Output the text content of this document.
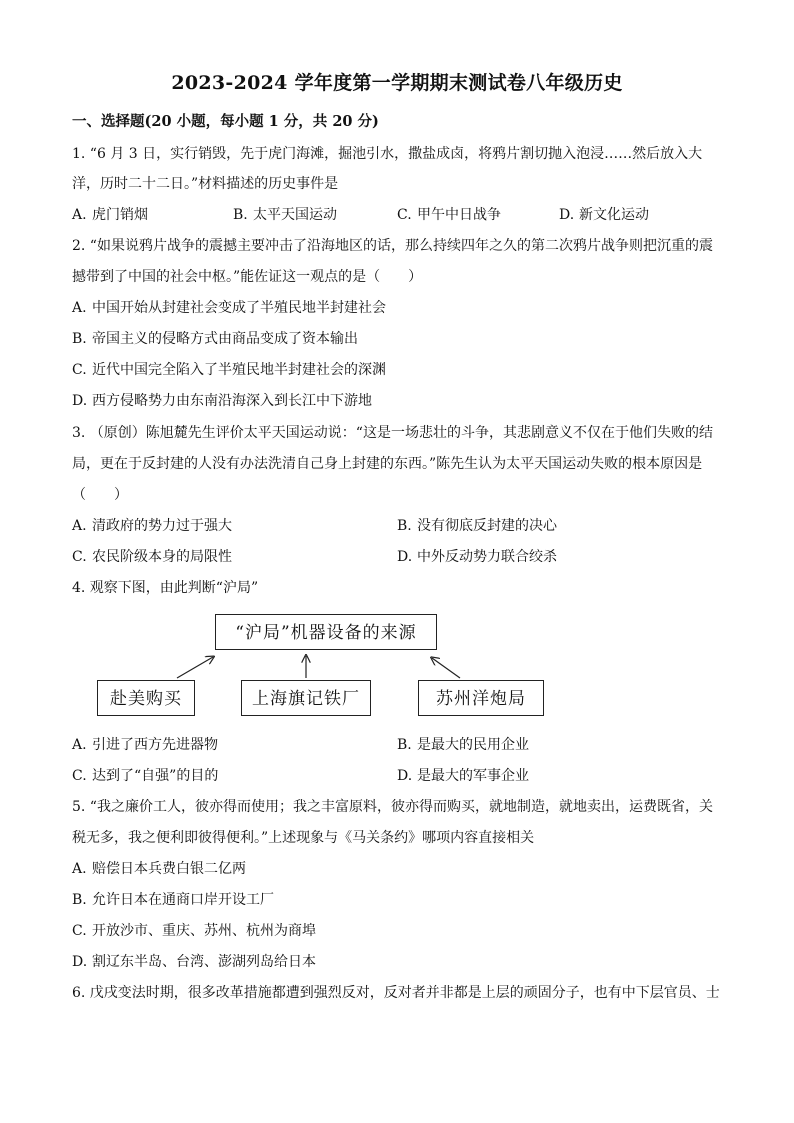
2023-2024 学年度第一学期期末测试卷八年级历史

一、选择题(20 小题，每小题 1 分，共 20 分)

1. “6 月 3 日，实行销毁，先于虎门海滩，掘池引水，撒盐成卤，将鸦片割切抛入泡浸……然后放入大

洋，历时二十二日。”材料描述的历史事件是

A. 虎门销烟	B. 太平天国运动	C. 甲午中日战争	D. 新文化运动

2. “如果说鸦片战争的震撼主要冲击了沿海地区的话，那么持续四年之久的第二次鸦片战争则把沉重的震

撼带到了中国的社会中枢。”能佐证这一观点的是（　　）

A. 中国开始从封建社会变成了半殖民地半封建社会

B. 帝国主义的侵略方式由商品变成了资本输出

C. 近代中国完全陷入了半殖民地半封建社会的深渊

D. 西方侵略势力由东南沿海深入到长江中下游地

3. （原创）陈旭麓先生评价太平天国运动说：“这是一场悲壮的斗争，其悲剧意义不仅在于他们失败的结

局，更在于反封建的人没有办法洗清自己身上封建的东西。”陈先生认为太平天国运动失败的根本原因是

（　　）

A. 清政府的势力过于强大	B. 没有彻底反封建的决心

C. 农民阶级本身的局限性	D. 中外反动势力联合绞杀

4. 观察下图，由此判断“沪局”

“沪局”机器设备的来源
赴美购买	上海旗记铁厂	苏州洋炮局

A. 引进了西方先进器物	B. 是最大的民用企业

C. 达到了“自强”的目的	D. 是最大的军事企业

5. “我之廉价工人，彼亦得而使用；我之丰富原料，彼亦得而购买，就地制造，就地卖出，运费既省，关

税无多，我之便利即彼得便利。”上述现象与《马关条约》哪项内容直接相关

A. 赔偿日本兵费白银二亿两

B. 允许日本在通商口岸开设工厂

C. 开放沙市、重庆、苏州、杭州为商埠

D. 割辽东半岛、台湾、澎湖列岛给日本

6. 戊戌变法时期，很多改革措施都遭到强烈反对，反对者并非都是上层的顽固分子，也有中下层官员、士
